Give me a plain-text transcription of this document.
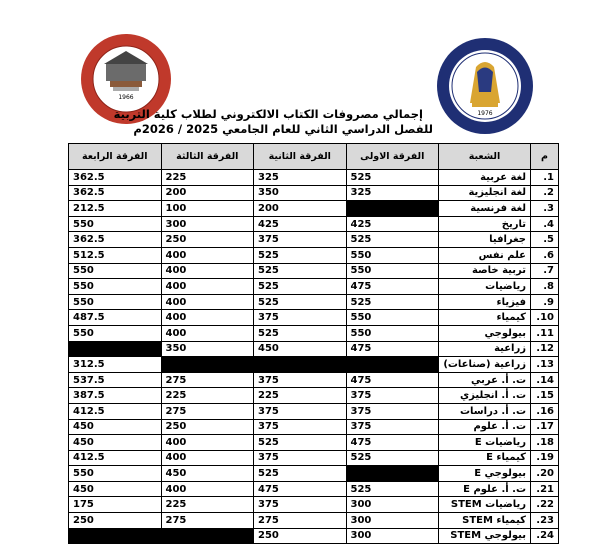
1966
1976
إجمالي مصروفات الكتاب الالكتروني لطلاب كلية التربية
للفصل الدراسي الثاني للعام الجامعي 2025 / 2026م
م	الشعبة	الفرقة الاولى	الفرقة الثانية	الفرقة الثالثة	الفرقة الرابعة
1.	لغة عربية	525	325	225	362.5
2.	لغة انجليزية	325	350	200	362.5
3.	لغة فرنسية		200	100	212.5
4.	تاريخ	425	425	300	550
5.	جغرافيا	525	375	250	362.5
6.	علم نفس	550	525	400	512.5
7.	تربية خاصة	550	525	400	550
8.	رياضيات	475	525	400	550
9.	فيزياء	525	525	400	550
10.	كيمياء	550	375	400	487.5
11.	بيولوجي	550	525	400	550
12.	زراعية	475	450	350	
13.	زراعية (صناعات)				312.5
14.	ت. أ. عربي	475	375	275	537.5
15.	ت. أ. انجليزي	375	225	225	387.5
16.	ت. أ. دراسات	375	375	275	412.5
17.	ت. أ. علوم	375	375	250	450
18.	رياضيات E	475	525	400	450
19.	كيمياء E	525	375	400	412.5
20.	بيولوجي E		525	450	550
21.	ت. أ. علوم E	525	475	400	450
22.	رياضيات STEM	300	375	225	175
23.	كيمياء STEM	300	275	275	250
24.	بيولوجي STEM	300	250		
